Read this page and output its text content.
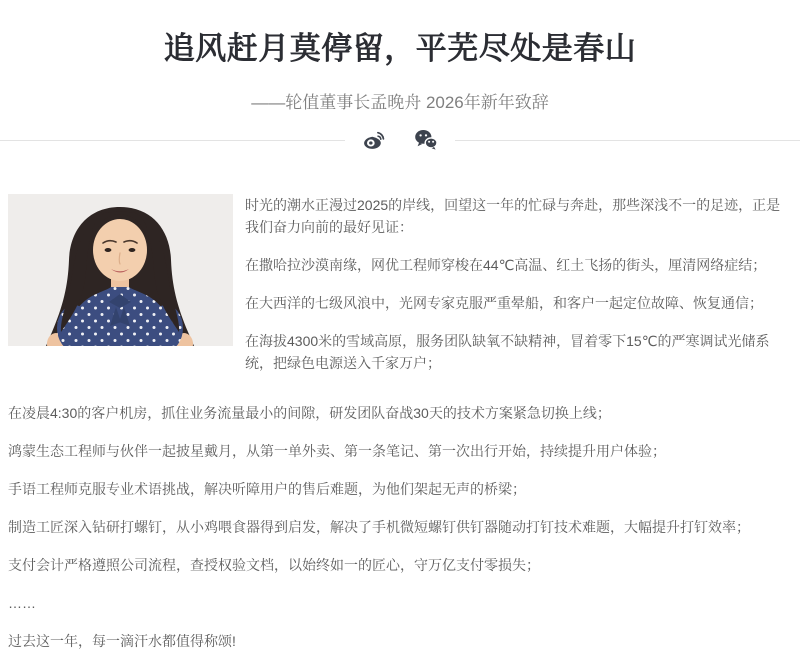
追风赶月莫停留，平芜尽处是春山
——轮值董事长孟晚舟 2026年新年致辞

时光的潮水正漫过2025的岸线，回望这一年的忙碌与奔赴，那些深浅不一的足迹，正是我们奋力向前的最好见证：

在撒哈拉沙漠南缘，网优工程师穿梭在44℃高温、红土飞扬的街头，厘清网络症结；

在大西洋的七级风浪中，光网专家克服严重晕船，和客户一起定位故障、恢复通信；

在海拔4300米的雪域高原，服务团队缺氧不缺精神，冒着零下15℃的严寒调试光储系统，把绿色电源送入千家万户；

在凌晨4:30的客户机房，抓住业务流量最小的间隙，研发团队奋战30天的技术方案紧急切换上线；

鸿蒙生态工程师与伙伴一起披星戴月，从第一单外卖、第一条笔记、第一次出行开始，持续提升用户体验；

手语工程师克服专业术语挑战，解决听障用户的售后难题，为他们架起无声的桥梁；

制造工匠深入钻研打螺钉，从小鸡喂食器得到启发，解决了手机微短螺钉供钉器随动打钉技术难题，大幅提升打钉效率；

支付会计严格遵照公司流程，查授权验文档，以始终如一的匠心，守万亿支付零损失；

……

过去这一年，每一滴汗水都值得称颂!
